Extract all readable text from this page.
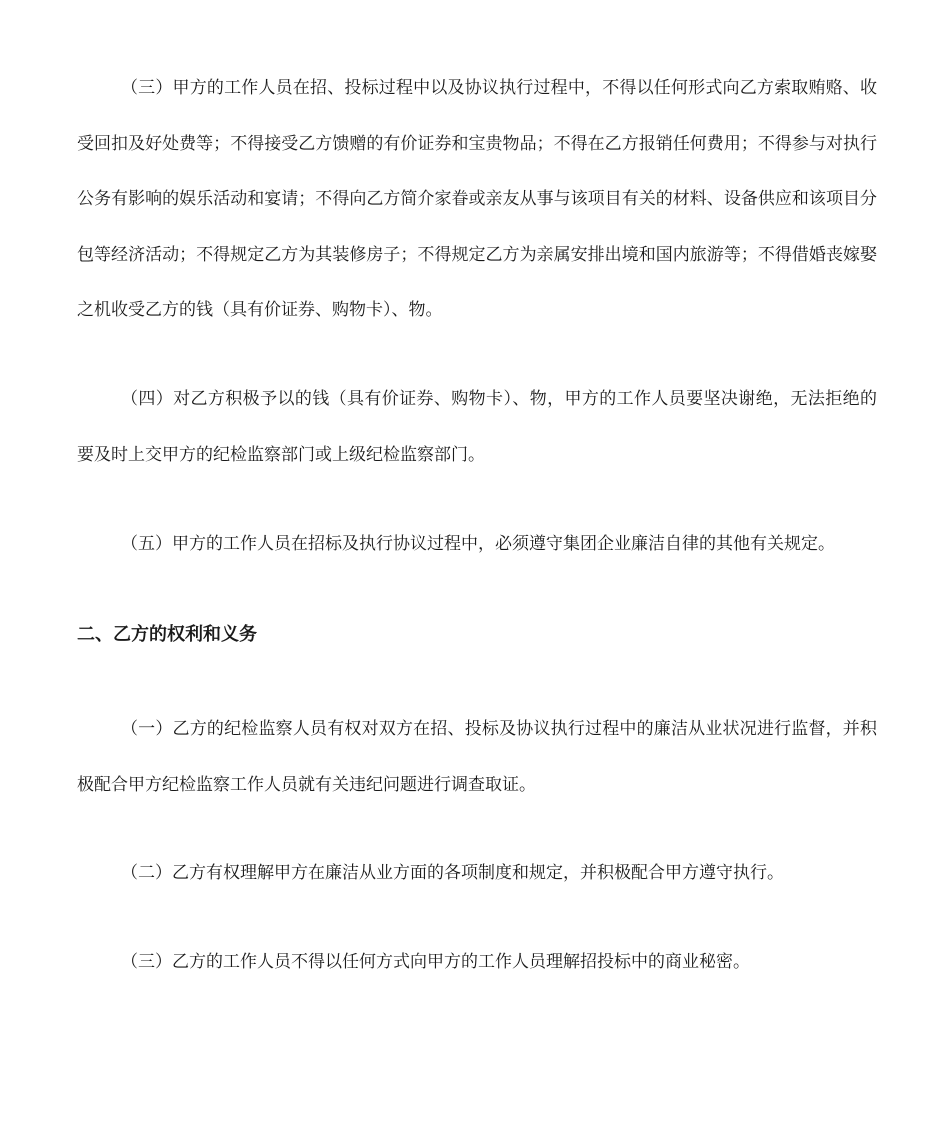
（三）甲方的工作人员在招、投标过程中以及协议执行过程中，不得以任何形式向乙方索取贿赂、收受回扣及好处费等；不得接受乙方馈赠的有价证券和宝贵物品；不得在乙方报销任何费用；不得参与对执行公务有影响的娱乐活动和宴请；不得向乙方简介家眷或亲友从事与该项目有关的材料、设备供应和该项目分包等经济活动；不得规定乙方为其装修房子；不得规定乙方为亲属安排出境和国内旅游等；不得借婚丧嫁娶之机收受乙方的钱（具有价证券、购物卡）、物。

（四）对乙方积极予以的钱（具有价证券、购物卡）、物，甲方的工作人员要坚决谢绝，无法拒绝的要及时上交甲方的纪检监察部门或上级纪检监察部门。

（五）甲方的工作人员在招标及执行协议过程中，必须遵守集团企业廉洁自律的其他有关规定。

二、乙方的权利和义务

（一）乙方的纪检监察人员有权对双方在招、投标及协议执行过程中的廉洁从业状况进行监督，并积极配合甲方纪检监察工作人员就有关违纪问题进行调查取证。

（二）乙方有权理解甲方在廉洁从业方面的各项制度和规定，并积极配合甲方遵守执行。

（三）乙方的工作人员不得以任何方式向甲方的工作人员理解招投标中的商业秘密。
